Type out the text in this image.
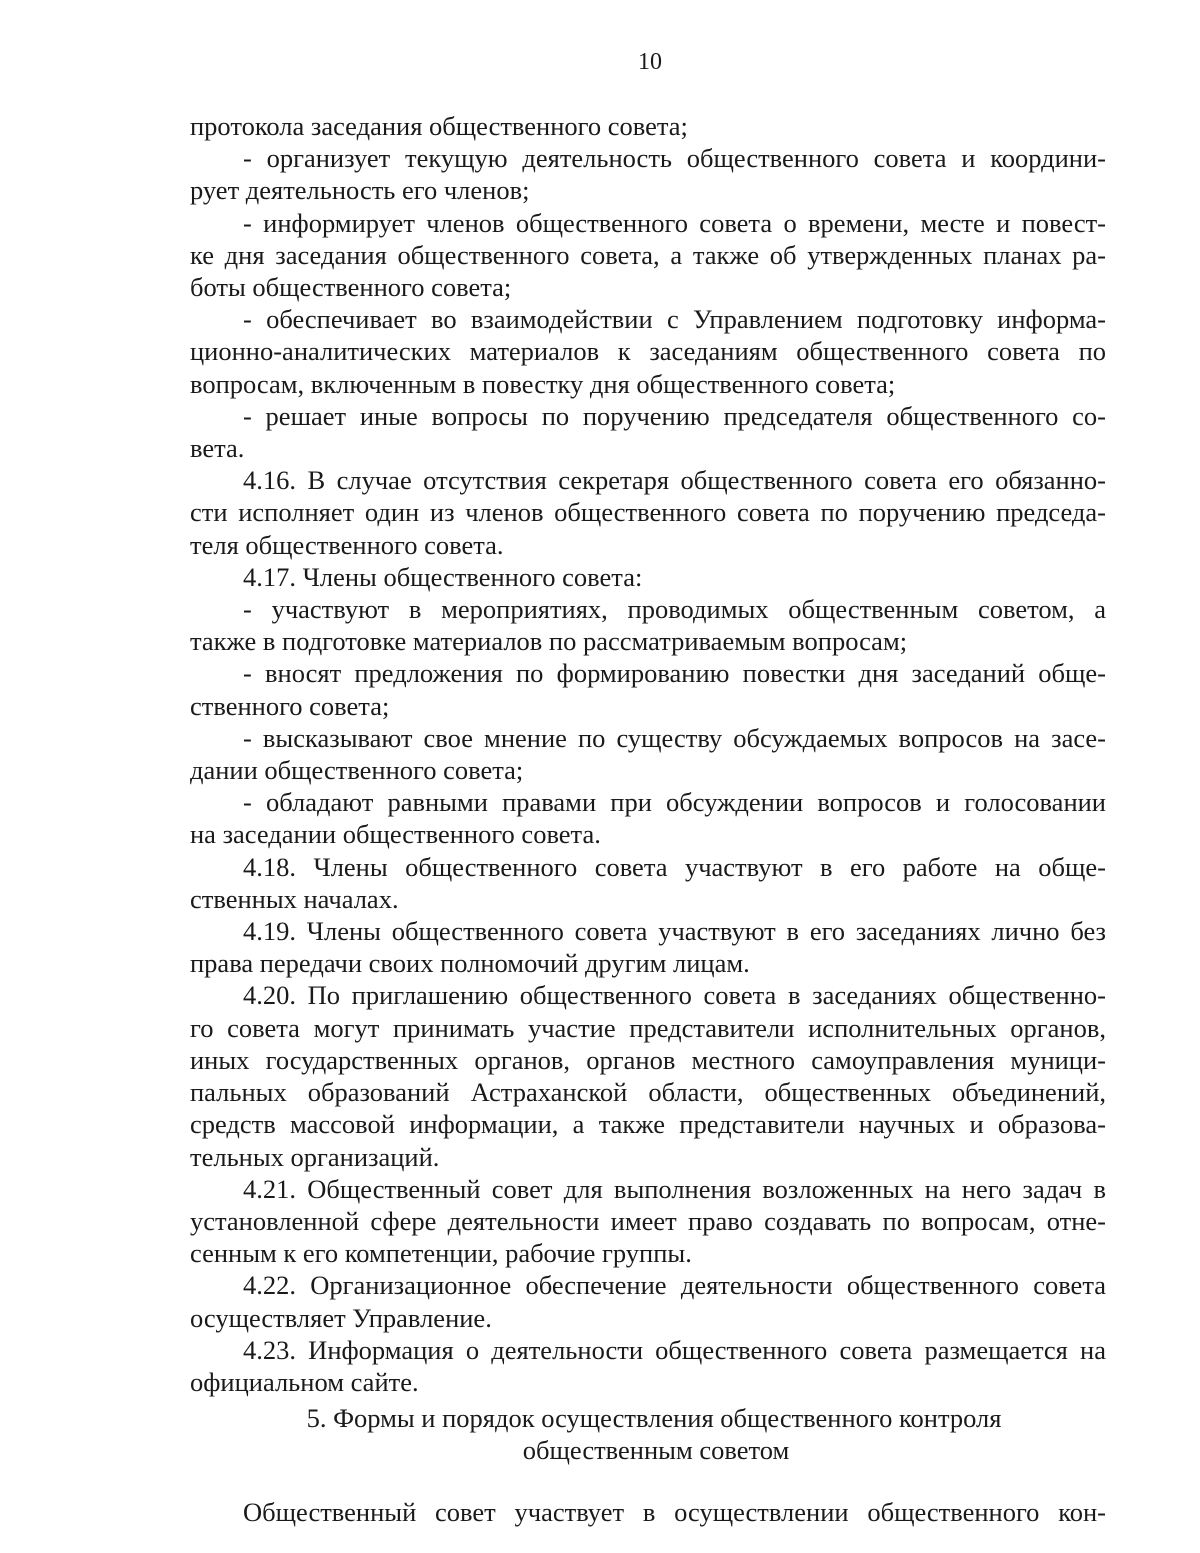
10
протокола заседания общественного совета;
- организует текущую деятельность общественного совета и координи-
рует деятельность его членов;
- информирует членов общественного совета о времени, месте и повест-
ке дня заседания общественного совета, а также об утвержденных планах ра-
боты общественного совета;
- обеспечивает во взаимодействии с Управлением подготовку информа-
ционно-аналитических материалов к заседаниям общественного совета по
вопросам, включенным в повестку дня общественного совета;
- решает иные вопросы по поручению председателя общественного со-
вета.
4.16. В случае отсутствия секретаря общественного совета его обязанно-
сти исполняет один из членов общественного совета по поручению председа-
теля общественного совета.
4.17. Члены общественного совета:
- участвуют в мероприятиях, проводимых общественным советом, а
также в подготовке материалов по рассматриваемым вопросам;
- вносят предложения по формированию повестки дня заседаний обще-
ственного совета;
- высказывают свое мнение по существу обсуждаемых вопросов на засе-
дании общественного совета;
- обладают равными правами при обсуждении вопросов и голосовании
на заседании общественного совета.
4.18. Члены общественного совета участвуют в его работе на обще-
ственных началах.
4.19. Члены общественного совета участвуют в его заседаниях лично без
права передачи своих полномочий другим лицам.
4.20. По приглашению общественного совета в заседаниях общественно-
го совета могут принимать участие представители исполнительных органов,
иных государственных органов, органов местного самоуправления муници-
пальных образований Астраханской области, общественных объединений,
средств массовой информации, а также представители научных и образова-
тельных организаций.
4.21. Общественный совет для выполнения возложенных на него задач в
установленной сфере деятельности имеет право создавать по вопросам, отне-
сенным к его компетенции, рабочие группы.
4.22. Организационное обеспечение деятельности общественного совета
осуществляет Управление.
4.23. Информация о деятельности общественного совета размещается на
официальном сайте.
5. Формы и порядок осуществления общественного контроля
общественным советом
Общественный совет участвует в осуществлении общественного кон-
